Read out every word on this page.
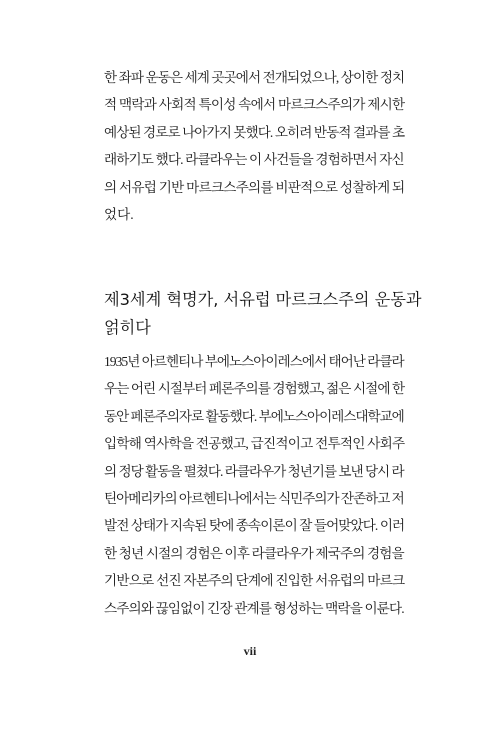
한 좌파 운동은 세계 곳곳에서 전개되었으나, 상이한 정치
적 맥락과 사회적 특이성 속에서 마르크스주의가 제시한
예상된 경로로 나아가지 못했다. 오히려 반동적 결과를 초
래하기도 했다. 라클라우는 이 사건들을 경험하면서 자신
의 서유럽 기반 마르크스주의를 비판적으로 성찰하게 되
었다.

제3세계 혁명가, 서유럽 마르크스주의 운동과
얽히다

1935년 아르헨티나 부에노스아이레스에서 태어난 라클라
우는 어린 시절부터 페론주의를 경험했고, 젊은 시절에 한
동안 페론주의자로 활동했다. 부에노스아이레스대학교에
입학해 역사학을 전공했고, 급진적이고 전투적인 사회주
의 정당 활동을 펼쳤다. 라클라우가 청년기를 보낸 당시 라
틴아메리카의 아르헨티나에서는 식민주의가 잔존하고 저
발전 상태가 지속된 탓에 종속이론이 잘 들어맞았다. 이러
한 청년 시절의 경험은 이후 라클라우가 제국주의 경험을
기반으로 선진 자본주의 단계에 진입한 서유럽의 마르크
스주의와 끊임없이 긴장 관계를 형성하는 맥락을 이룬다.

vii
